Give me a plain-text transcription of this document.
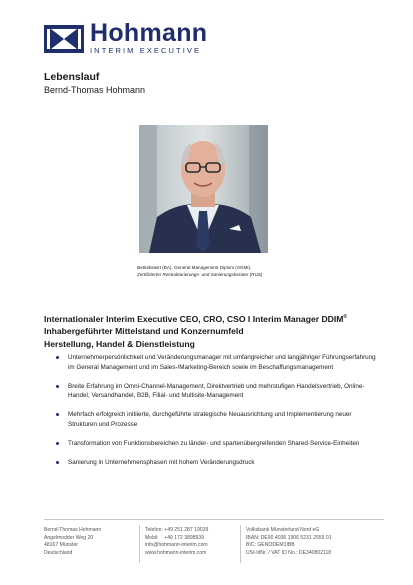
Hohmann
INTERIM EXECUTIVE
Lebenslauf
Bernd-Thomas Hohmann
Betriebswirt (BA), General Management Diplom (SGMI),
Zertifizierter Restrukturierungs- und Sanierungsberater (RUS)
Internationaler Interim Executive CEO, CRO, CSO I Interim Manager DDIM®
Inhabergeführter Mittelstand und Konzernumfeld
Herstellung, Handel & Dienstleistung
Unternehmerpersönlichkeit und Veränderungsmanager mit umfangreicher und langjähriger Führungserfahrung im General Management und im Sales-/Marketing-Bereich sowie im Beschaffungsmanagement
Breite Erfahrung im Omni-Channel-Management, Direktvertrieb und mehrstufigen Handelsvertrieb, Online-Handel, Versandhandel, B2B, Filial- und Multisite-Management
Mehrfach erfolgreich initiierte, durchgeführte strategische Neuausrichtung und Implementierung neuer Strukturen und Prozesse
Transformation von Funktionsbereichen zu länder- und spartenübergreifenden Shared-Service-Einheiten
Sanierung in Unternehmensphasen mit hohem Veränderungsdruck
Bernd-Thomas Hohmann
Angelmodder Weg 20
48167 Münster
Deutschland
Telefon: +49 251 287 19039
Mobil:    +49 172 3898939
info@hohmann-interim.com
www.hohmann-interim.com
Volksbank Münsterland Nord eG
IBAN: DE90 4036 1906 5231 2555 01
BIC: GENODEM1IBB
USt-IdNr. / VAT ID No.: DE340802118
